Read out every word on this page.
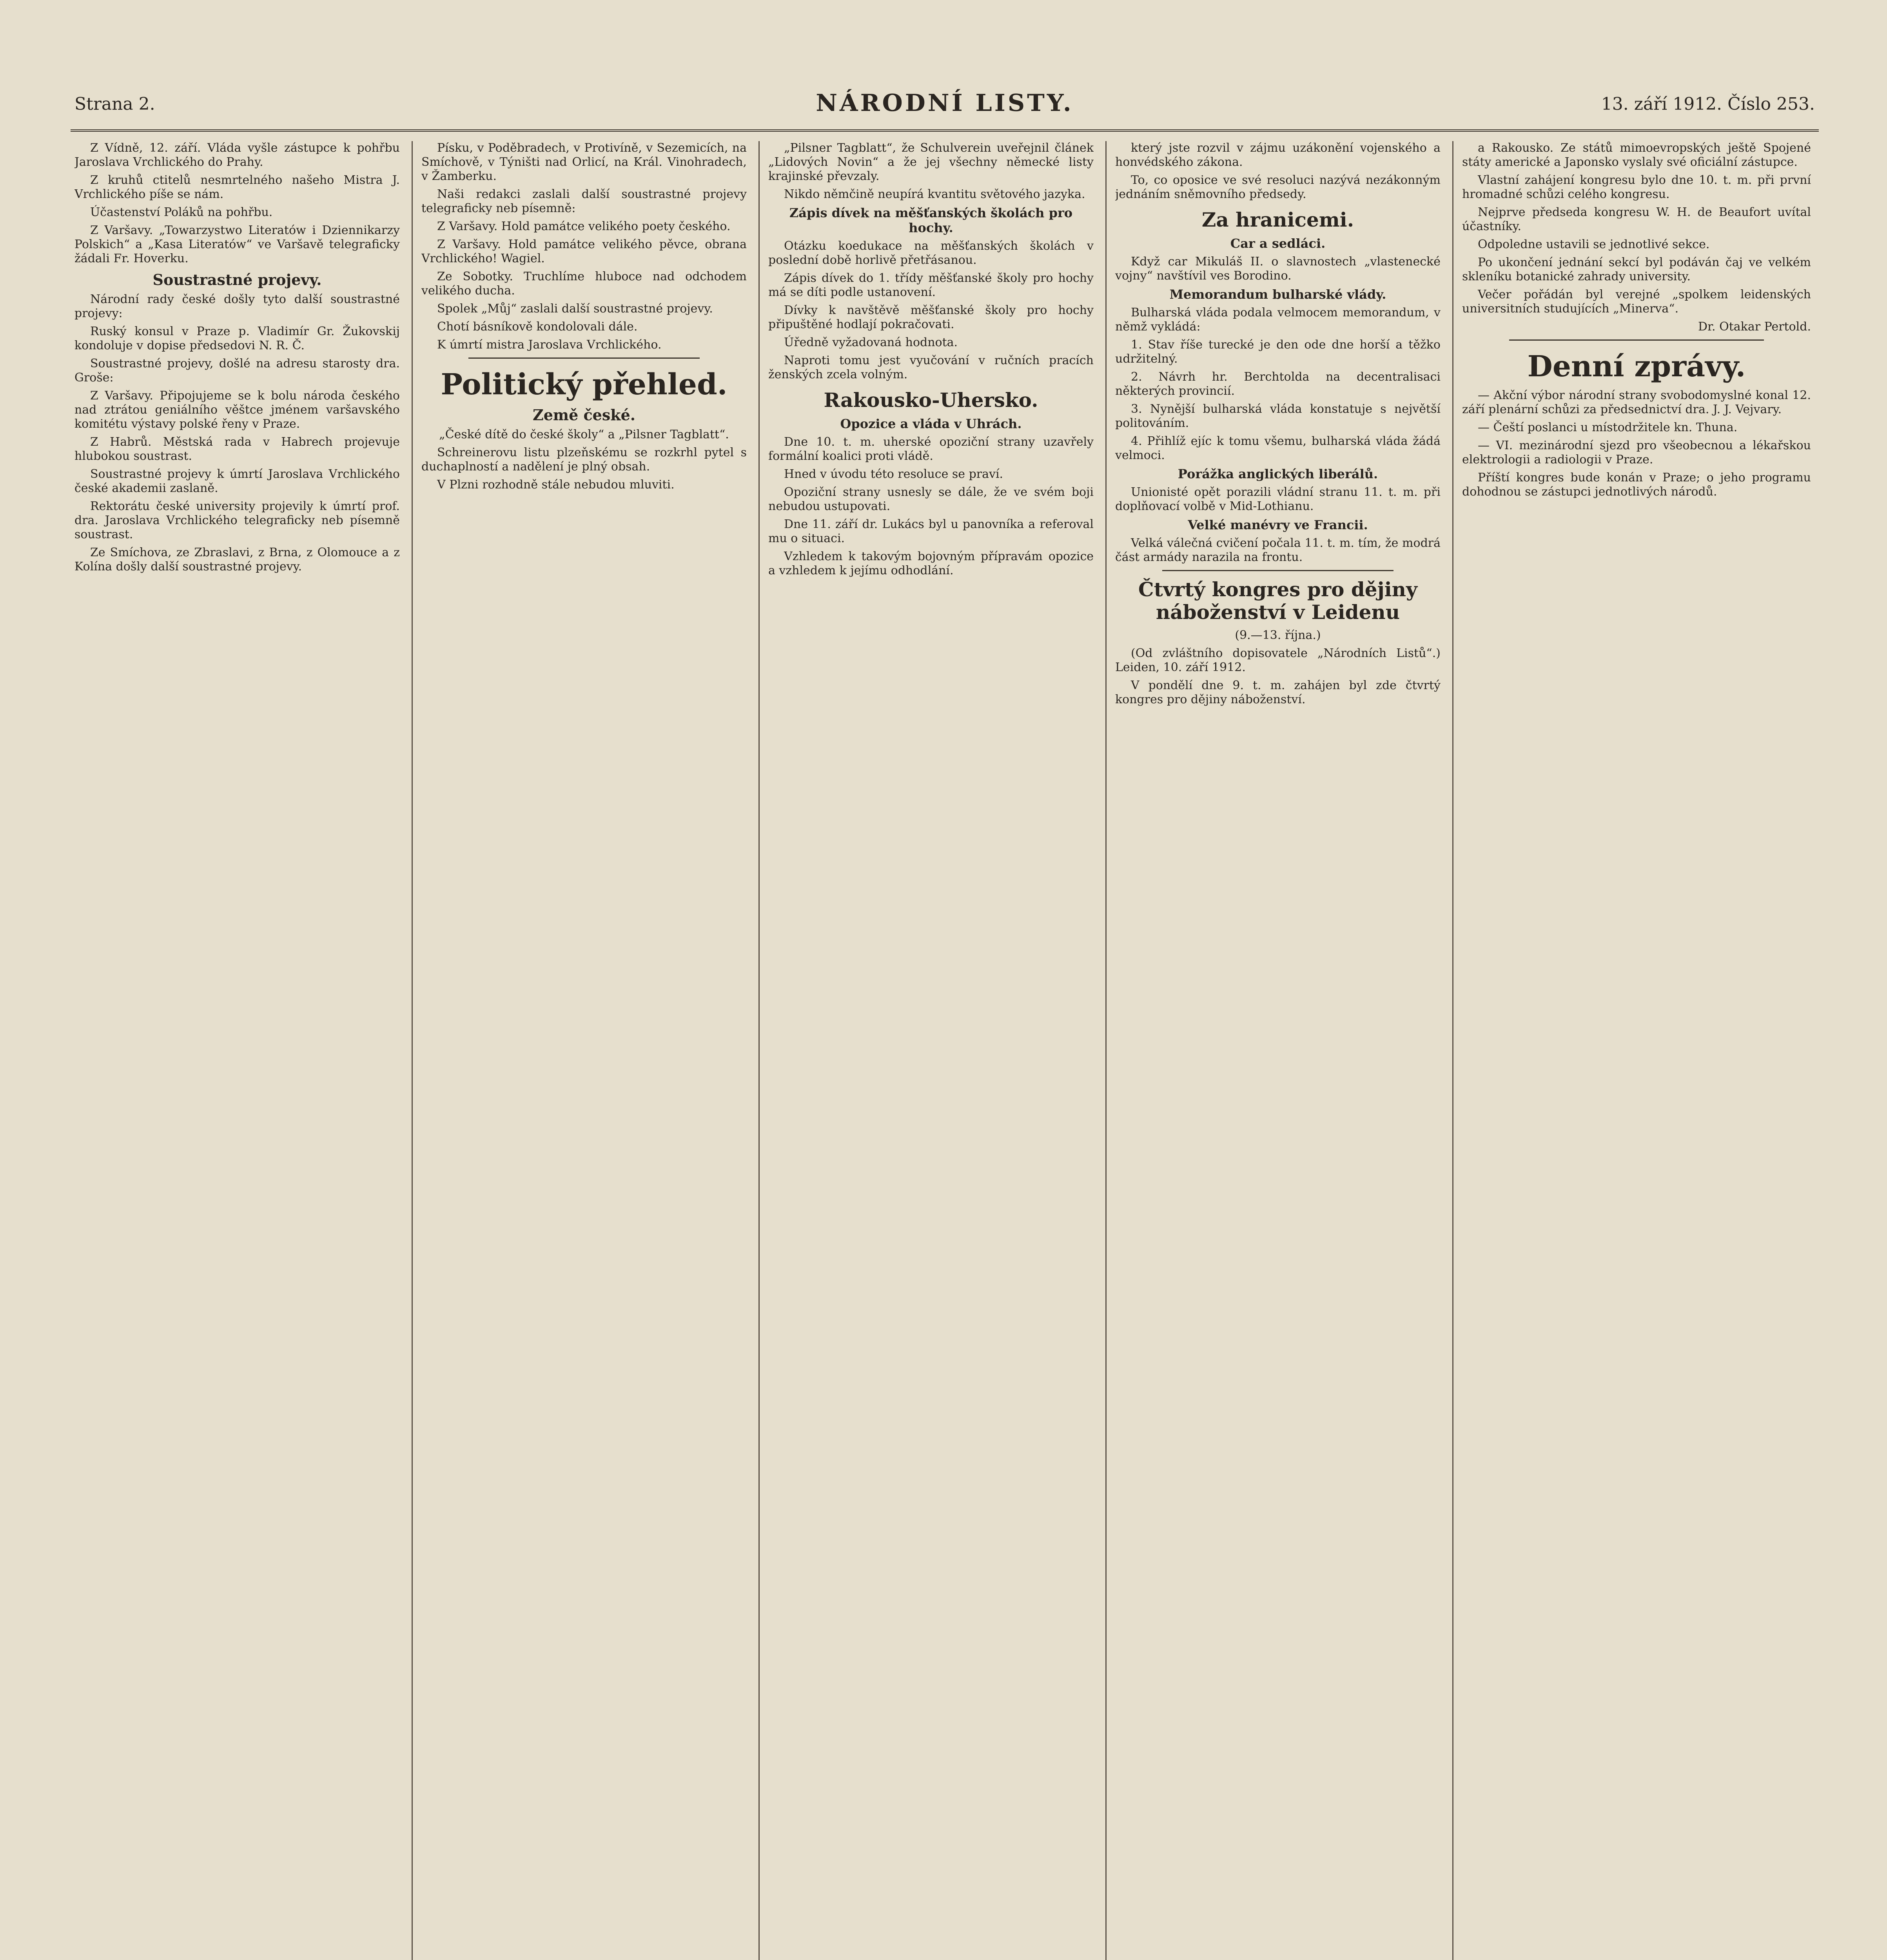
Strana 2.	NÁRODNÍ LISTY.	13. září 1912. Číslo 253.

Z Vídně, 12. září. Vláda vyšle zástupce k pohřbu Jaroslava Vrchlického do Prahy.

Z kruhů ctitelů nesmrtelného našeho Mistra J. Vrchlického píše se nám.

Účastenství Poláků na pohřbu.

Z Varšavy. „Towarzystwo Literatów i Dziennikarzy Polskich“ a „Kasa Literatów“ ve Varšavě telegraficky žádali Fr. Hoverku.

Soustrastné projevy.

Národní rady české došly tyto další soustrastné projevy:

Ruský konsul v Praze p. Vladimír Gr. Žukovskij kondoluje v dopise předsedovi N. R. Č.

Soustrastné projevy, došlé na adresu starosty dra. Groše:

Z Varšavy. Připojujeme se k bolu národa českého nad ztrátou geniálního věštce jménem varšavského komitétu výstavy polské řeny v Praze.

Z Habrů. Městská rada v Habrech projevuje hlubokou soustrast.

Soustrastné projevy k úmrtí Jaroslava Vrchlického české akademii zaslaně.

Rektorátu české university projevily k úmrtí prof. dra. Jaroslava Vrchlického telegraficky neb písemně soustrast.

Ze Smíchova, ze Zbraslavi, z Brna, z Olomouce a z Kolína došly další soustrastné projevy.

Písku, v Poděbradech, v Protivíně, v Sezemicích, na Smíchově, v Týništi nad Orlicí, na Král. Vinohradech, v Žamberku.

Naši redakci zaslali další soustrastné projevy telegraficky neb písemně:

Z Varšavy. Hold památce velikého poety českého.

Z Varšavy. Hold památce velikého pěvce, obrana Vrchlického! Wagiel.

Ze Sobotky. Truchlíme hluboce nad odchodem velikého ducha.

Spolek „Můj“ zaslali další soustrastné projevy.

Chotí básníkově kondolovali dále.

K úmrtí mistra Jaroslava Vrchlického.

Politický přehled.
Země české.
„České dítě do české školy“ a „Pilsner Tagblatt“.

Schreinerovu listu plzeňskému se rozkrhl pytel s duchaplností a nadělení je plný obsah.

V Plzni rozhodně stále nebudou mluviti.

„Pilsner Tagblatt“, že Schulverein uveřejnil článek „Lidových Novin“ a že jej všechny německé listy krajinské převzaly.

Nikdo němčině neupírá kvantitu světového jazyka.

Zápis dívek na měšťanských školách pro hochy.

Otázku koedukace na měšťanských školách v poslední době horlivě přetřásanou.

Zápis dívek do 1. třídy měšťanské školy pro hochy má se díti podle ustanovení.

Dívky k navštěvě měšťanské školy pro hochy připuštěné hodlají pokračovati.

Úředně vyžadovaná hodnota.

Naproti tomu jest vyučování v ručních pracích ženských zcela volným.

Rakousko-Uhersko.
Opozice a vláda v Uhrách.

Dne 10. t. m. uherské opoziční strany uzavřely formální koalici proti vládě.

Hned v úvodu této resoluce se praví.

Opoziční strany usnesly se dále, že ve svém boji nebudou ustupovati.

Dne 11. září dr. Lukács byl u panovníka a referoval mu o situaci.

Vzhledem k takovým bojovným přípravám opozice a vzhledem k jejímu odhodlání.

který jste rozvil v zájmu uzákonění vojenského a honvédského zákona.

To, co oposice ve své resoluci nazývá nezákonným jednáním sněmovního předsedy.

Za hranicemi.
Car a sedláci.

Když car Mikuláš II. o slavnostech „vlastenecké vojny“ navštívil ves Borodino.

Memorandum bulharské vlády.

Bulharská vláda podala velmocem memorandum, v němž vykládá:

1. Stav říše turecké je den ode dne horší a těžko udržitelný.

2. Návrh hr. Berchtolda na decentralisaci některých provincií.

3. Nynější bulharská vláda konstatuje s největší politováním.

4. Přihlíž ejíc k tomu všemu, bulharská vláda žádá velmoci.

Porážka anglických liberálů.

Unionisté opět porazili vládní stranu 11. t. m. při doplňovací volbě v Mid-Lothianu.

Velké manévry ve Francii.

Velká válečná cvičení počala 11. t. m. tím, že modrá část armády narazila na frontu.

Čtvrtý kongres pro dějiny náboženství v Leidenu
(9.—13. října.)

(Od zvláštního dopisovatele „Národních Listů“.) Leiden, 10. září 1912.

V pondělí dne 9. t. m. zahájen byl zde čtvrtý kongres pro dějiny náboženství.

a Rakousko. Ze států mimoevropských ještě Spojené státy americké a Japonsko vyslaly své oficiální zástupce.

Vlastní zahájení kongresu bylo dne 10. t. m. při první hromadné schůzi celého kongresu.

Nejprve předseda kongresu W. H. de Beaufort uvítal účastníky.

Odpoledne ustavili se jednotlivé sekce.

Po ukončení jednání sekcí byl podáván čaj ve velkém skleníku botanické zahrady university.

Večer pořádán byl verejné „spolkem leidenských universitních studujících „Minerva“.

Dr. Otakar Pertold.
Denní zprávy.

— Akční výbor národní strany svobodomyslné konal 12. září plenární schůzi za předsednictví dra. J. J. Vejvary.

— Čeští poslanci u místodržitele kn. Thuna.

— VI. mezinárodní sjezd pro všeobecnou a lékařskou elektrologii a radiologii v Praze.

Příští kongres bude konán v Praze; o jeho programu dohodnou se zástupci jednotlivých národů.
